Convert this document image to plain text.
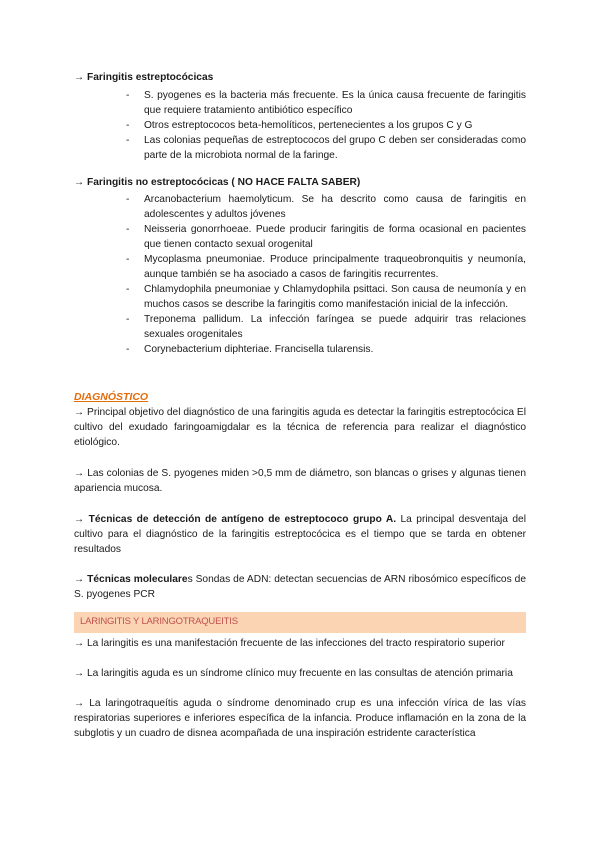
→ Faringitis estreptocócicas
- S. pyogenes es la bacteria más frecuente. Es la única causa frecuente de faringitis que requiere tratamiento antibiótico específico
- Otros estreptococos beta-hemolíticos, pertenecientes a los grupos C y G
- Las colonias pequeñas de estreptococos del grupo C deben ser consideradas como parte de la microbiota normal de la faringe.
→ Faringitis no estreptocócicas ( NO HACE FALTA SABER)
- Arcanobacterium haemolyticum. Se ha descrito como causa de faringitis en adolescentes y adultos jóvenes
- Neisseria gonorrhoeae. Puede producir faringitis de forma ocasional en pacientes que tienen contacto sexual orogenital
- Mycoplasma pneumoniae. Produce principalmente traqueobronquitis y neumonía, aunque también se ha asociado a casos de faringitis recurrentes.
- Chlamydophila pneumoniae y Chlamydophila psittaci. Son causa de neumonía y en muchos casos se describe la faringitis como manifestación inicial de la infección.
- Treponema pallidum. La infección faríngea se puede adquirir tras relaciones sexuales orogenitales
- Corynebacterium diphteriae. Francisella tularensis.
DIAGNÓSTICO
→ Principal objetivo del diagnóstico de una faringitis aguda es detectar la faringitis estreptocócica El cultivo del exudado faringoamigdalar es la técnica de referencia para realizar el diagnóstico etiológico.
→ Las colonias de S. pyogenes miden >0,5 mm de diámetro, son blancas o grises y algunas tienen apariencia mucosa.
→ Técnicas de detección de antígeno de estreptococo grupo A. La principal desventaja del cultivo para el diagnóstico de la faringitis estreptocócica es el tiempo que se tarda en obtener resultados
→ Técnicas moleculares Sondas de ADN: detectan secuencias de ARN ribosómico específicos de S. pyogenes PCR
LARINGITIS Y LARINGOTRAQUEITIS
→ La laringitis es una manifestación frecuente de las infecciones del tracto respiratorio superior
→ La laringitis aguda es un síndrome clínico muy frecuente en las consultas de atención primaria
→ La laringotraqueítis aguda o síndrome denominado crup es una infección vírica de las vías respiratorias superiores e inferiores específica de la infancia. Produce inflamación en la zona de la subglotis y un cuadro de disnea acompañada de una inspiración estridente característica
